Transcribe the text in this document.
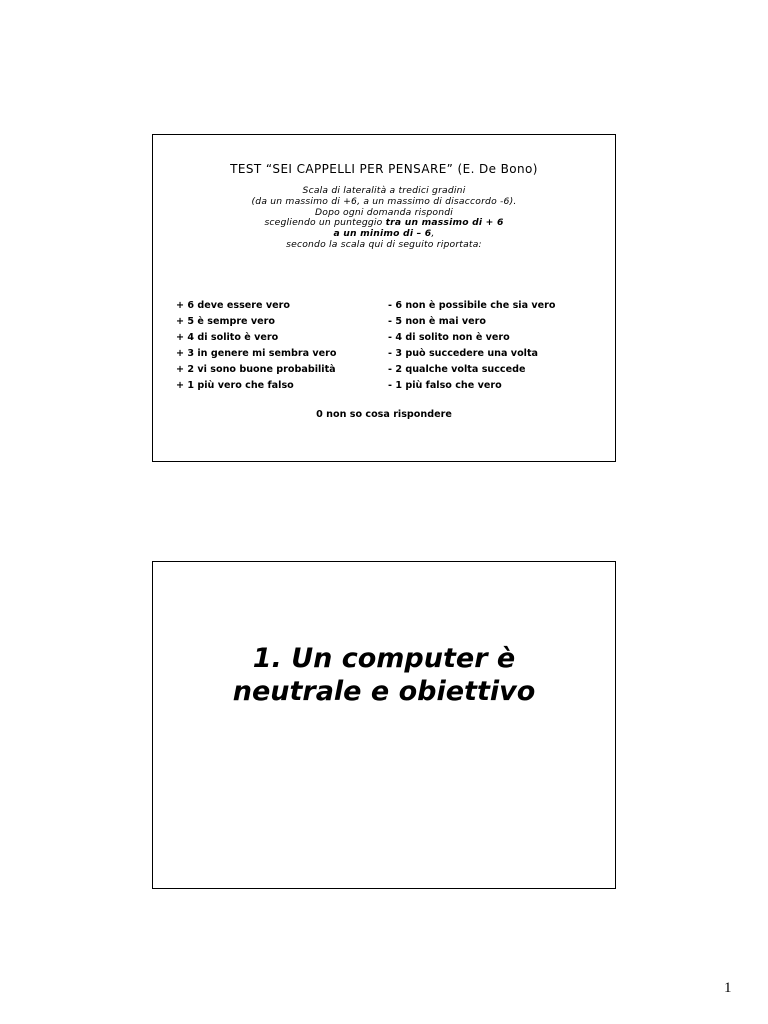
TEST “SEI CAPPELLI PER PENSARE” (E. De Bono)
Scala di lateralità a tredici gradini
(da un massimo di +6, a un massimo di disaccordo -6).
Dopo ogni domanda rispondi
scegliendo un punteggio tra un massimo di + 6
a un minimo di – 6,
secondo la scala qui di seguito riportata:
+ 6 deve essere vero	- 6 non è possibile che sia vero
+ 5 è sempre vero	- 5 non è mai vero
+ 4 di solito è vero	- 4 di solito non è vero
+ 3 in genere mi sembra vero	- 3 può succedere una volta
+ 2 vi sono buone probabilità	- 2 qualche volta succede
+ 1 più vero che falso	- 1 più falso che vero
0 non so cosa rispondere
1. Un computer è
neutrale e obiettivo
1
